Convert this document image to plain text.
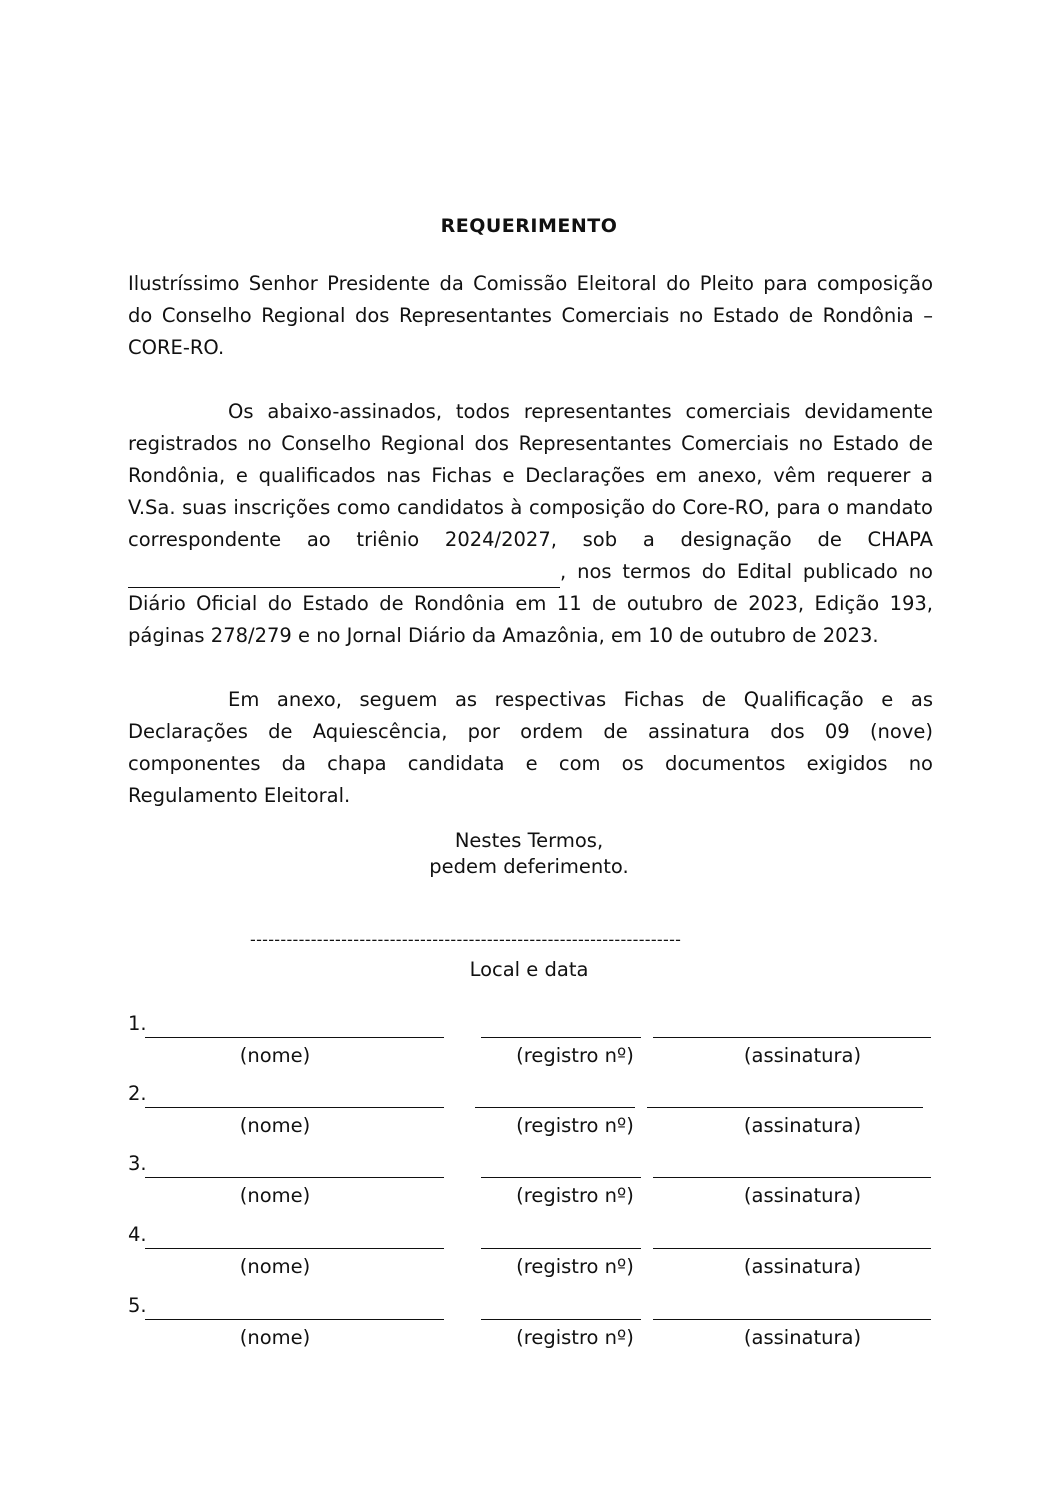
REQUERIMENTO
Ilustríssimo Senhor Presidente da Comissão Eleitoral do Pleito para composição do Conselho Regional dos Representantes Comerciais no Estado de Rondônia – CORE-RO.
Os abaixo-assinados, todos representantes comerciais devidamente registrados no Conselho Regional dos Representantes Comerciais no Estado de Rondônia, e qualificados nas Fichas e Declarações em anexo, vêm requerer a V.Sa. suas inscrições como candidatos à composição do Core-RO, para o mandato correspondente ao triênio 2024/2027, sob a designação de CHAPA , nos termos do Edital publicado no Diário Oficial do Estado de Rondônia em 11 de outubro de 2023, Edição 193, páginas 278/279 e no Jornal Diário da Amazônia, em 10 de outubro de 2023.
Em anexo, seguem as respectivas Fichas de Qualificação e as Declarações de Aquiescência, por ordem de assinatura dos 09 (nove) componentes da chapa candidata e com os documentos exigidos no Regulamento Eleitoral.
Nestes Termos,
pedem deferimento.
-----------------------------------------------------------------------
Local e data
1.
(nome)	(registro nº)	(assinatura)
2.
(nome)	(registro nº)	(assinatura)
3.
(nome)	(registro nº)	(assinatura)
4.
(nome)	(registro nº)	(assinatura)
5.
(nome)	(registro nº)	(assinatura)
